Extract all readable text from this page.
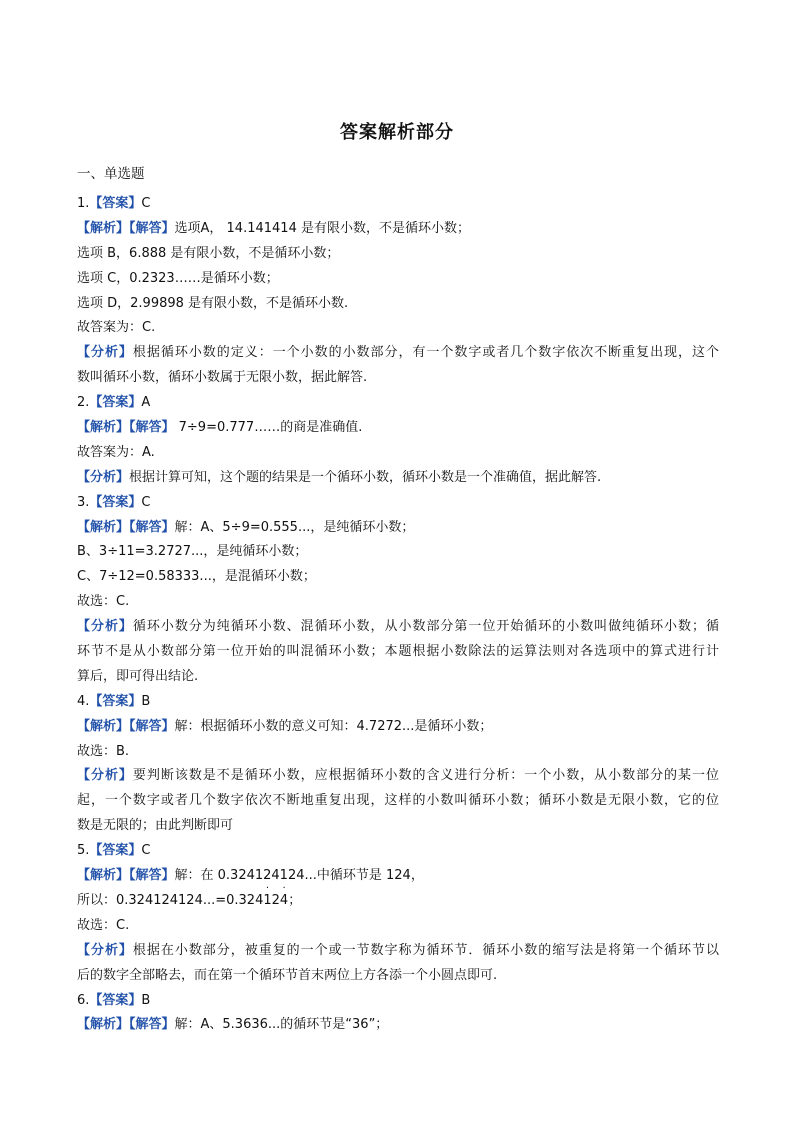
答案解析部分
一、单选题
1.【答案】C
【解析】【解答】选项A， 14.141414 是有限小数，不是循环小数；
选项 B，6.888 是有限小数，不是循环小数；
选项 C，0.2323……是循环小数；
选项 D，2.99898 是有限小数，不是循环小数.
故答案为：C.
【分析】根据循环小数的定义：一个小数的小数部分，有一个数字或者几个数字依次不断重复出现，这个
数叫循环小数，循环小数属于无限小数，据此解答.
2.【答案】A
【解析】【解答】 7÷9=0.777……的商是准确值.
故答案为：A.
【分析】根据计算可知，这个题的结果是一个循环小数，循环小数是一个准确值，据此解答.
3.【答案】C
【解析】【解答】解：A、5÷9=0.555...，是纯循环小数；
B、3÷11=3.2727...，是纯循环小数；
C、7÷12=0.58333...，是混循环小数；
故选：C.
【分析】循环小数分为纯循环小数、混循环小数，从小数部分第一位开始循环的小数叫做纯循环小数；循
环节不是从小数部分第一位开始的叫混循环小数；本题根据小数除法的运算法则对各选项中的算式进行计
算后，即可得出结论.
4.【答案】B
【解析】【解答】解：根据循环小数的意义可知：4.7272...是循环小数；
故选：B.
【分析】要判断该数是不是循环小数，应根据循环小数的含义进行分析：一个小数，从小数部分的某一位
起，一个数字或者几个数字依次不断地重复出现，这样的小数叫循环小数；循环小数是无限小数，它的位
数是无限的；由此判断即可
5.【答案】C
【解析】【解答】解：在 0.324124124...中循环节是 124，
所以：0.324124124...=0.3241
·
24
·
；
故选：C.
【分析】根据在小数部分，被重复的一个或一节数字称为循环节．循环小数的缩写法是将第一个循环节以
后的数字全部略去，而在第一个循环节首末两位上方各添一个小圆点即可.
6.【答案】B
【解析】【解答】解：A、5.3636...的循环节是“36”；
